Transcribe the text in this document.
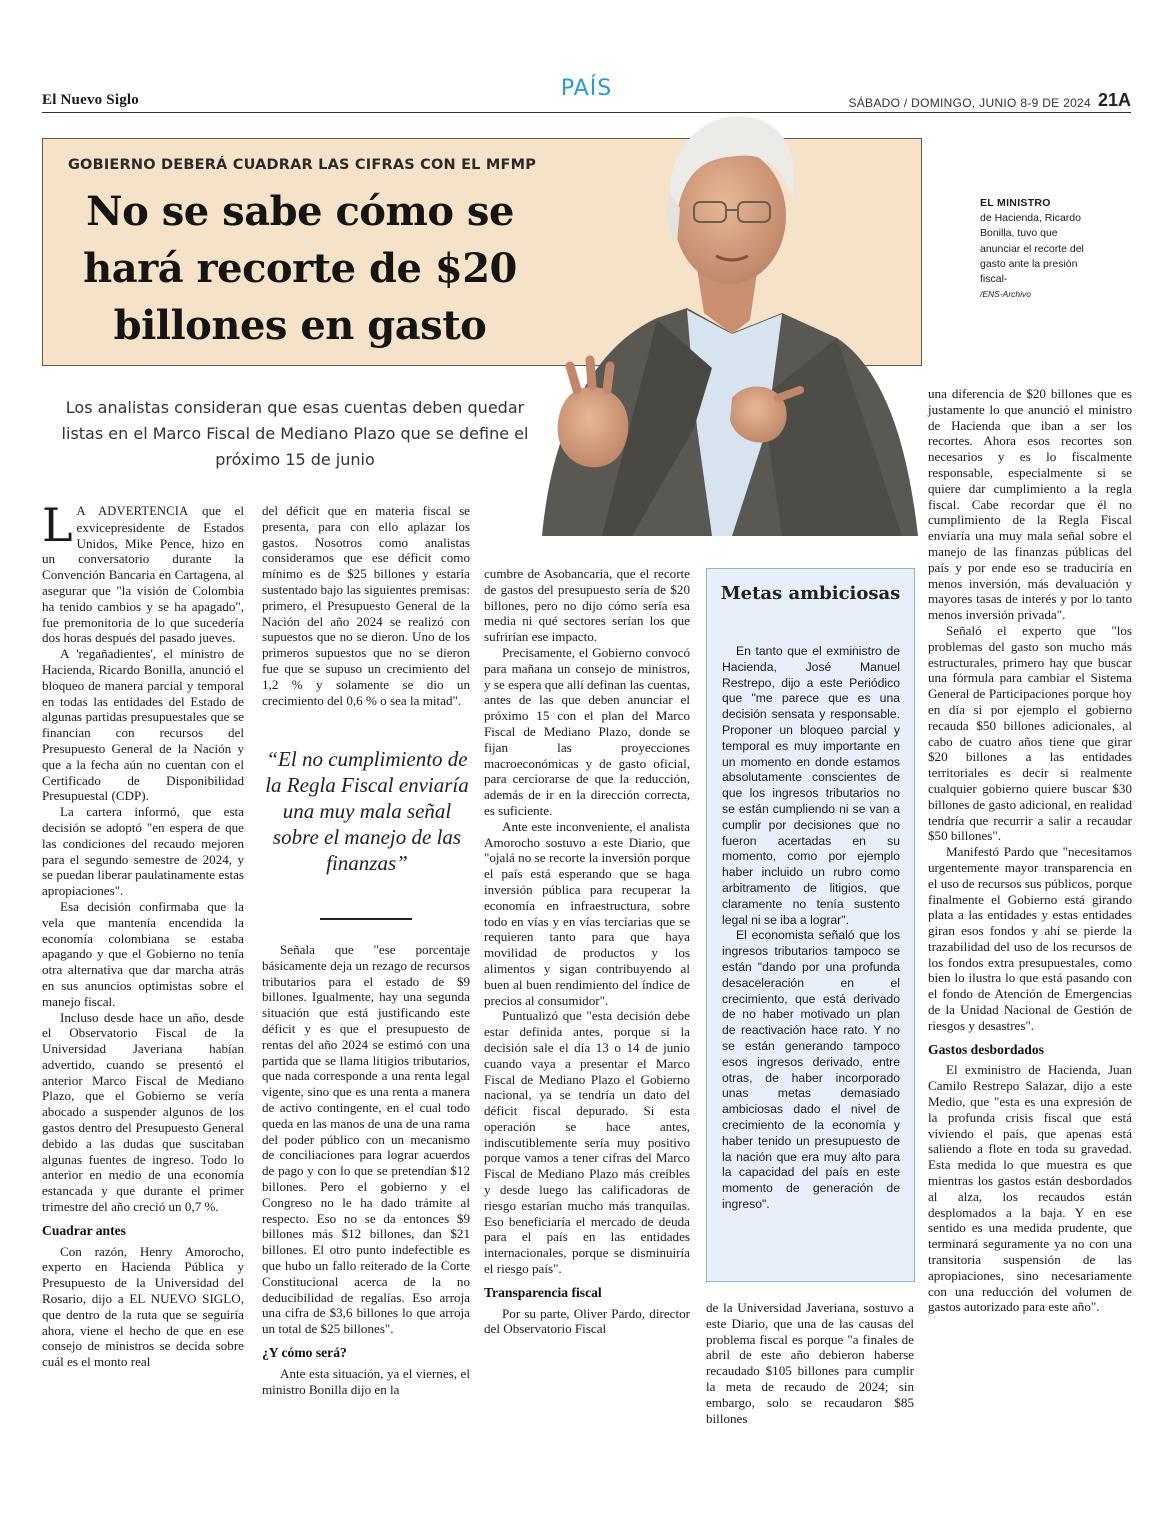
El Nuevo Siglo	PAÍS
SÁBADO / DOMINGO, JUNIO 8-9 DE 2024 21A
GOBIERNO DEBERÁ CUADRAR LAS CIFRAS CON EL MFMP
No se sabe cómo se hará recorte de $20 billones en gasto
EL MINISTRO
de Hacienda, Ricardo Bonilla, tuvo que anunciar el recorte del gasto ante la presión fiscal-
/ENS-Archivo
Los analistas consideran que esas cuentas deben quedar listas en el Marco Fiscal de Mediano Plazo que se define el próximo 15 de junio

L A ADVERTENCIA que el exvicepresidente de Estados Unidos, Mike Pence, hizo en un conversatorio durante la Convención Bancaria en Cartagena, al asegurar que "la visión de Colombia ha tenido cambios y se ha apagado", fue premonitoria de lo que sucedería dos horas después del pasado jueves.

A 'regañadientes', el ministro de Hacienda, Ricardo Bonilla, anunció el bloqueo de manera parcial y temporal en todas las entidades del Estado de algunas partidas presupuestales que se financian con recursos del Presupuesto General de la Nación y que a la fecha aún no cuentan con el Certificado de Disponibilidad Presupuestal (CDP).

La cartera informó, que esta decisión se adoptó "en espera de que las condiciones del recaudo mejoren para el segundo semestre de 2024, y se puedan liberar paulatinamente estas apropiaciones".

Esa decisión confirmaba que la vela que mantenía encendida la economía colombiana se estaba apagando y que el Gobierno no tenía otra alternativa que dar marcha atrás en sus anuncios optimistas sobre el manejo fiscal.

Incluso desde hace un año, desde el Observatorio Fiscal de la Universidad Javeriana habían advertido, cuando se presentó el anterior Marco Fiscal de Mediano Plazo, que el Gobierno se vería abocado a suspender algunos de los gastos dentro del Presupuesto General debido a las dudas que suscitaban algunas fuentes de ingreso. Todo lo anterior en medio de una economía estancada y que durante el primer trimestre del año creció un 0,7 %.

Cuadrar antes

Con razón, Henry Amorocho, experto en Hacienda Pública y Presupuesto de la Universidad del Rosario, dijo a EL NUEVO SIGLO, que dentro de la ruta que se seguiría ahora, viene el hecho de que en ese consejo de ministros se decida sobre cuál es el monto real

del déficit que en materia fiscal se presenta, para con ello aplazar los gastos. Nosotros como analistas consideramos que ese déficit como mínimo es de $25 billones y estaría sustentado bajo las siguientes premisas: primero, el Presupuesto General de la Nación del año 2024 se realizó con supuestos que no se dieron. Uno de los primeros supuestos que no se dieron fue que se supuso un crecimiento del 1,2 % y solamente se dio un crecimiento del 0,6 % o sea la mitad".

“El no cumplimiento de la Regla Fiscal enviaría una muy mala señal sobre el manejo de las finanzas”

Señala que "ese porcentaje básicamente deja un rezago de recursos tributarios para el estado de $9 billones. Igualmente, hay una segunda situación que está justificando este déficit y es que el presupuesto de rentas del año 2024 se estimó con una partida que se llama litigios tributarios, que nada corresponde a una renta legal vigente, sino que es una renta a manera de activo contingente, en el cual todo queda en las manos de una de una rama del poder público con un mecanismo de conciliaciones para lograr acuerdos de pago y con lo que se pretendían $12 billones. Pero el gobierno y el Congreso no le ha dado trámite al respecto. Eso no se da entonces $9 billones más $12 billones, dan $21 billones. El otro punto indefectible es que hubo un fallo reiterado de la Corte Constitucional acerca de la no deducibilidad de regalías. Eso arroja una cifra de $3,6 billones lo que arroja un total de $25 billones".

¿Y cómo será?

Ante esta situación, ya el viernes, el ministro Bonilla dijo en la

cumbre de Asobancaria, que el recorte de gastos del presupuesto sería de $20 billones, pero no dijo cómo sería esa media ni qué sectores serían los que sufrirían ese impacto.

Precisamente, el Gobierno convocó para mañana un consejo de ministros, y se espera que allí definan las cuentas, antes de las que deben anunciar el próximo 15 con el plan del Marco Fiscal de Mediano Plazo, donde se fijan las proyecciones macroeconómicas y de gasto oficial, para cerciorarse de que la reducción, además de ir en la dirección correcta, es suficiente.

Ante este inconveniente, el analista Amorocho sostuvo a este Diario, que "ojalá no se recorte la inversión porque el país está esperando que se haga inversión pública para recuperar la economía en infraestructura, sobre todo en vías y en vías terciarias que se requieren tanto para que haya movilidad de productos y los alimentos y sigan contribuyendo al buen al buen rendimiento del índice de precios al consumidor".

Puntualizó que "esta decisión debe estar definida antes, porque si la decisión sale el día 13 o 14 de junio cuando vaya a presentar el Marco Fiscal de Mediano Plazo el Gobierno nacional, ya se tendría un dato del déficit fiscal depurado. Si esta operación se hace antes, indiscutiblemente sería muy positivo porque vamos a tener cifras del Marco Fiscal de Mediano Plazo más creíbles y desde luego las calificadoras de riesgo estarían mucho más tranquilas. Eso beneficiaría el mercado de deuda para el país en las entidades internacionales, porque se disminuiría el riesgo país".

Transparencia fiscal

Por su parte, Oliver Pardo, director del Observatorio Fiscal

Metas ambiciosas

En tanto que el exministro de Hacienda, José Manuel Restrepo, dijo a este Periódico que "me parece que es una decisión sensata y responsable. Proponer un bloqueo parcial y temporal es muy importante en un momento en donde estamos absolutamente conscientes de que los ingresos tributarios no se están cumpliendo ni se van a cumplir por decisiones que no fueron acertadas en su momento, como por ejemplo haber incluido un rubro como arbitramento de litigios, que claramente no tenía sustento legal ni se iba a lograr".

El economista señaló que los ingresos tributarios tampoco se están "dando por una profunda desaceleración en el crecimiento, que está derivado de no haber motivado un plan de reactivación hace rato. Y no se están generando tampoco esos ingresos derivado, entre otras, de haber incorporado unas metas demasiado ambiciosas dado el nivel de crecimiento de la economía y haber tenido un presupuesto de la nación que era muy alto para la capacidad del país en este momento de generación de ingreso".

de la Universidad Javeriana, sostuvo a este Diario, que una de las causas del problema fiscal es porque "a finales de abril de este año debieron haberse recaudado $105 billones para cumplir la meta de recaudo de 2024; sin embargo, solo se recaudaron $85 billones

una diferencia de $20 billones que es justamente lo que anunció el ministro de Hacienda que iban a ser los recortes. Ahora esos recortes son necesarios y es lo fiscalmente responsable, especialmente si se quiere dar cumplimiento a la regla fiscal. Cabe recordar que él no cumplimiento de la Regla Fiscal enviaría una muy mala señal sobre el manejo de las finanzas públicas del país y por ende eso se traduciría en menos inversión, más devaluación y mayores tasas de interés y por lo tanto menos inversión privada".

Señaló el experto que "los problemas del gasto son mucho más estructurales, primero hay que buscar una fórmula para cambiar el Sistema General de Participaciones porque hoy en día si por ejemplo el gobierno recauda $50 billones adicionales, al cabo de cuatro años tiene que girar $20 billones a las entidades territoriales es decir si realmente cualquier gobierno quiere buscar $30 billones de gasto adicional, en realidad tendría que recurrir a salir a recaudar $50 billones".

Manifestó Pardo que "necesitamos urgentemente mayor transparencia en el uso de recursos sus públicos, porque finalmente el Gobierno está girando plata a las entidades y estas entidades giran esos fondos y ahí se pierde la trazabilidad del uso de los recursos de los fondos extra presupuestales, como bien lo ilustra lo que está pasando con el fondo de Atención de Emergencias de la Unidad Nacional de Gestión de riesgos y desastres".

Gastos desbordados

El exministro de Hacienda, Juan Camilo Restrepo Salazar, dijo a este Medio, que "esta es una expresión de la profunda crisis fiscal que está viviendo el país, que apenas está saliendo a flote en toda su gravedad. Esta medida lo que muestra es que mientras los gastos están desbordados al alza, los recaudos están desplomados a la baja. Y en ese sentido es una medida prudente, que terminará seguramente ya no con una transitoria suspensión de las apropiaciones, sino necesariamente con una reducción del volumen de gastos autorizado para este año".
